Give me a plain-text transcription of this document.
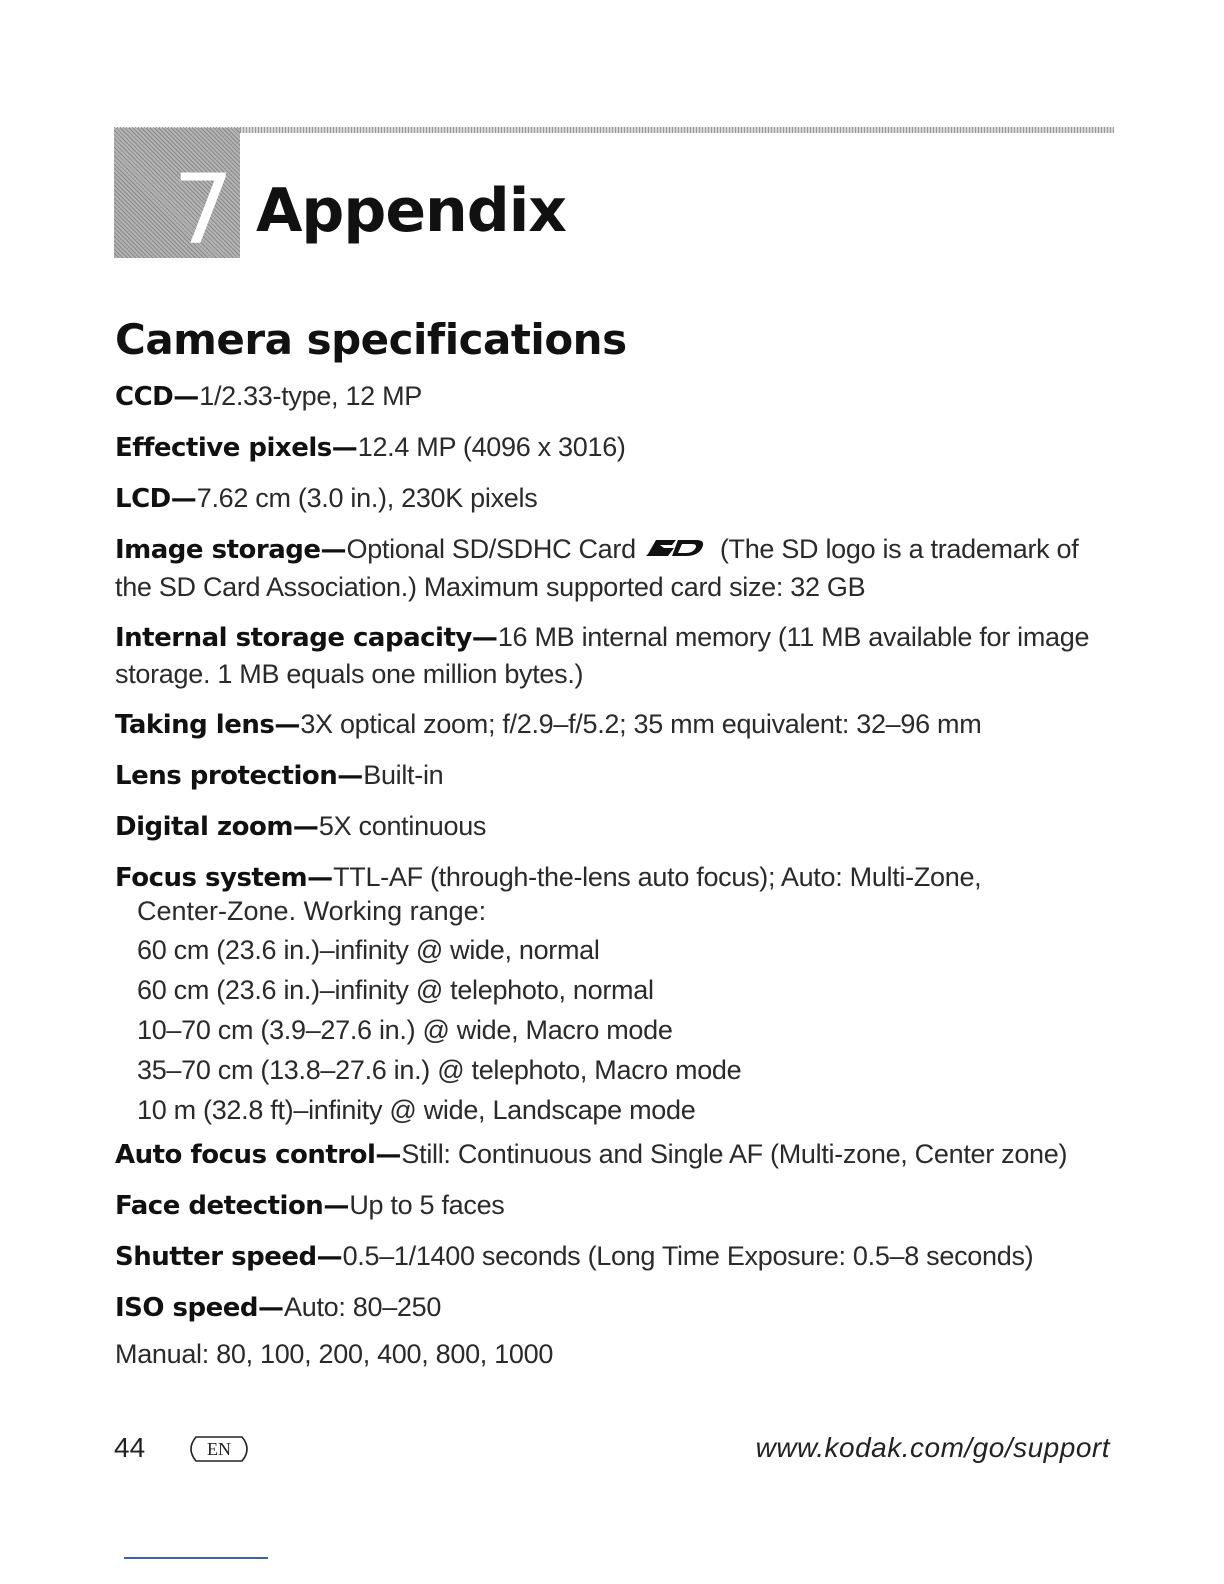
7 Appendix
Camera specifications
CCD—1/2.33-type, 12 MP
Effective pixels—12.4 MP (4096 x 3016)
LCD—7.62 cm (3.0 in.), 230K pixels
Image storage—Optional SD/SDHC Card	(The SD logo is a trademark of the SD Card Association.) Maximum supported card size: 32 GB
Internal storage capacity—16 MB internal memory (11 MB available for image storage. 1 MB equals one million bytes.)
Taking lens—3X optical zoom; f/2.9–f/5.2; 35 mm equivalent: 32–96 mm
Lens protection—Built-in
Digital zoom—5X continuous
Focus system—TTL-AF (through-the-lens auto focus); Auto: Multi-Zone,
Center-Zone. Working range:
60 cm (23.6 in.)–infinity @ wide, normal
60 cm (23.6 in.)–infinity @ telephoto, normal
10–70 cm (3.9–27.6 in.) @ wide, Macro mode
35–70 cm (13.8–27.6 in.) @ telephoto, Macro mode
10 m (32.8 ft)–infinity @ wide, Landscape mode
Auto focus control—Still: Continuous and Single AF (Multi-zone, Center zone)
Face detection—Up to 5 faces
Shutter speed—0.5–1/1400 seconds (Long Time Exposure: 0.5–8 seconds)
ISO speed—Auto: 80–250
Manual: 80, 100, 200, 400, 800, 1000
44	EN	www.kodak.com/go/support
